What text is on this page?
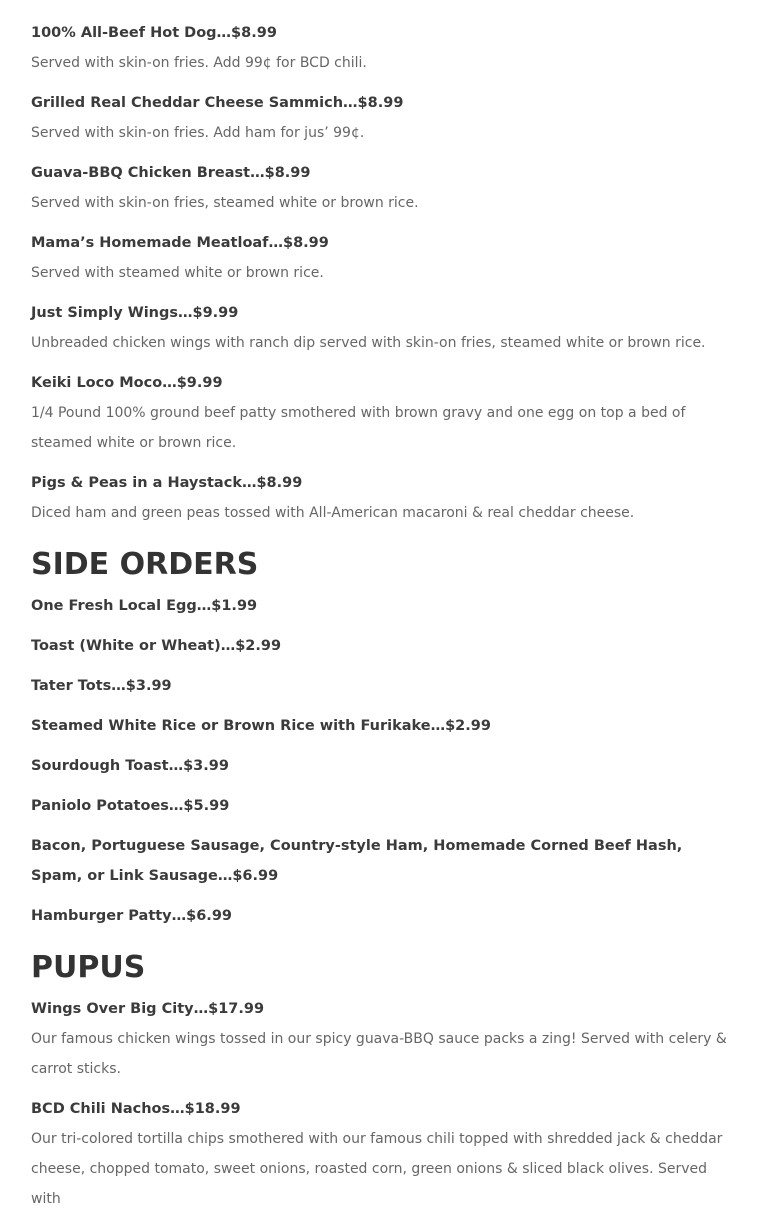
100% All-Beef Hot Dog…$8.99

Served with skin-on fries. Add 99¢ for BCD chili.

Grilled Real Cheddar Cheese Sammich…$8.99

Served with skin-on fries. Add ham for jus’ 99¢.

Guava-BBQ Chicken Breast…$8.99

Served with skin-on fries, steamed white or brown rice.

Mama’s Homemade Meatloaf…$8.99

Served with steamed white or brown rice.

Just Simply Wings…$9.99

Unbreaded chicken wings with ranch dip served with skin-on fries, steamed white or brown rice.

Keiki Loco Moco…$9.99

1/4 Pound 100% ground beef patty smothered with brown gravy and one egg on top a bed of steamed white or brown rice.

Pigs & Peas in a Haystack…$8.99

Diced ham and green peas tossed with All-American macaroni & real cheddar cheese.

SIDE ORDERS

One Fresh Local Egg…$1.99

Toast (White or Wheat)…$2.99

Tater Tots…$3.99

Steamed White Rice or Brown Rice with Furikake…$2.99

Sourdough Toast…$3.99

Paniolo Potatoes…$5.99

Bacon, Portuguese Sausage, Country-style Ham, Homemade Corned Beef Hash, Spam, or Link Sausage…$6.99

Hamburger Patty…$6.99

PUPUS

Wings Over Big City…$17.99

Our famous chicken wings tossed in our spicy guava-BBQ sauce packs a zing! Served with celery & carrot sticks.

BCD Chili Nachos…$18.99

Our tri-colored tortilla chips smothered with our famous chili topped with shredded jack & cheddar cheese, chopped tomato, sweet onions, roasted corn, green onions & sliced black olives. Served with
